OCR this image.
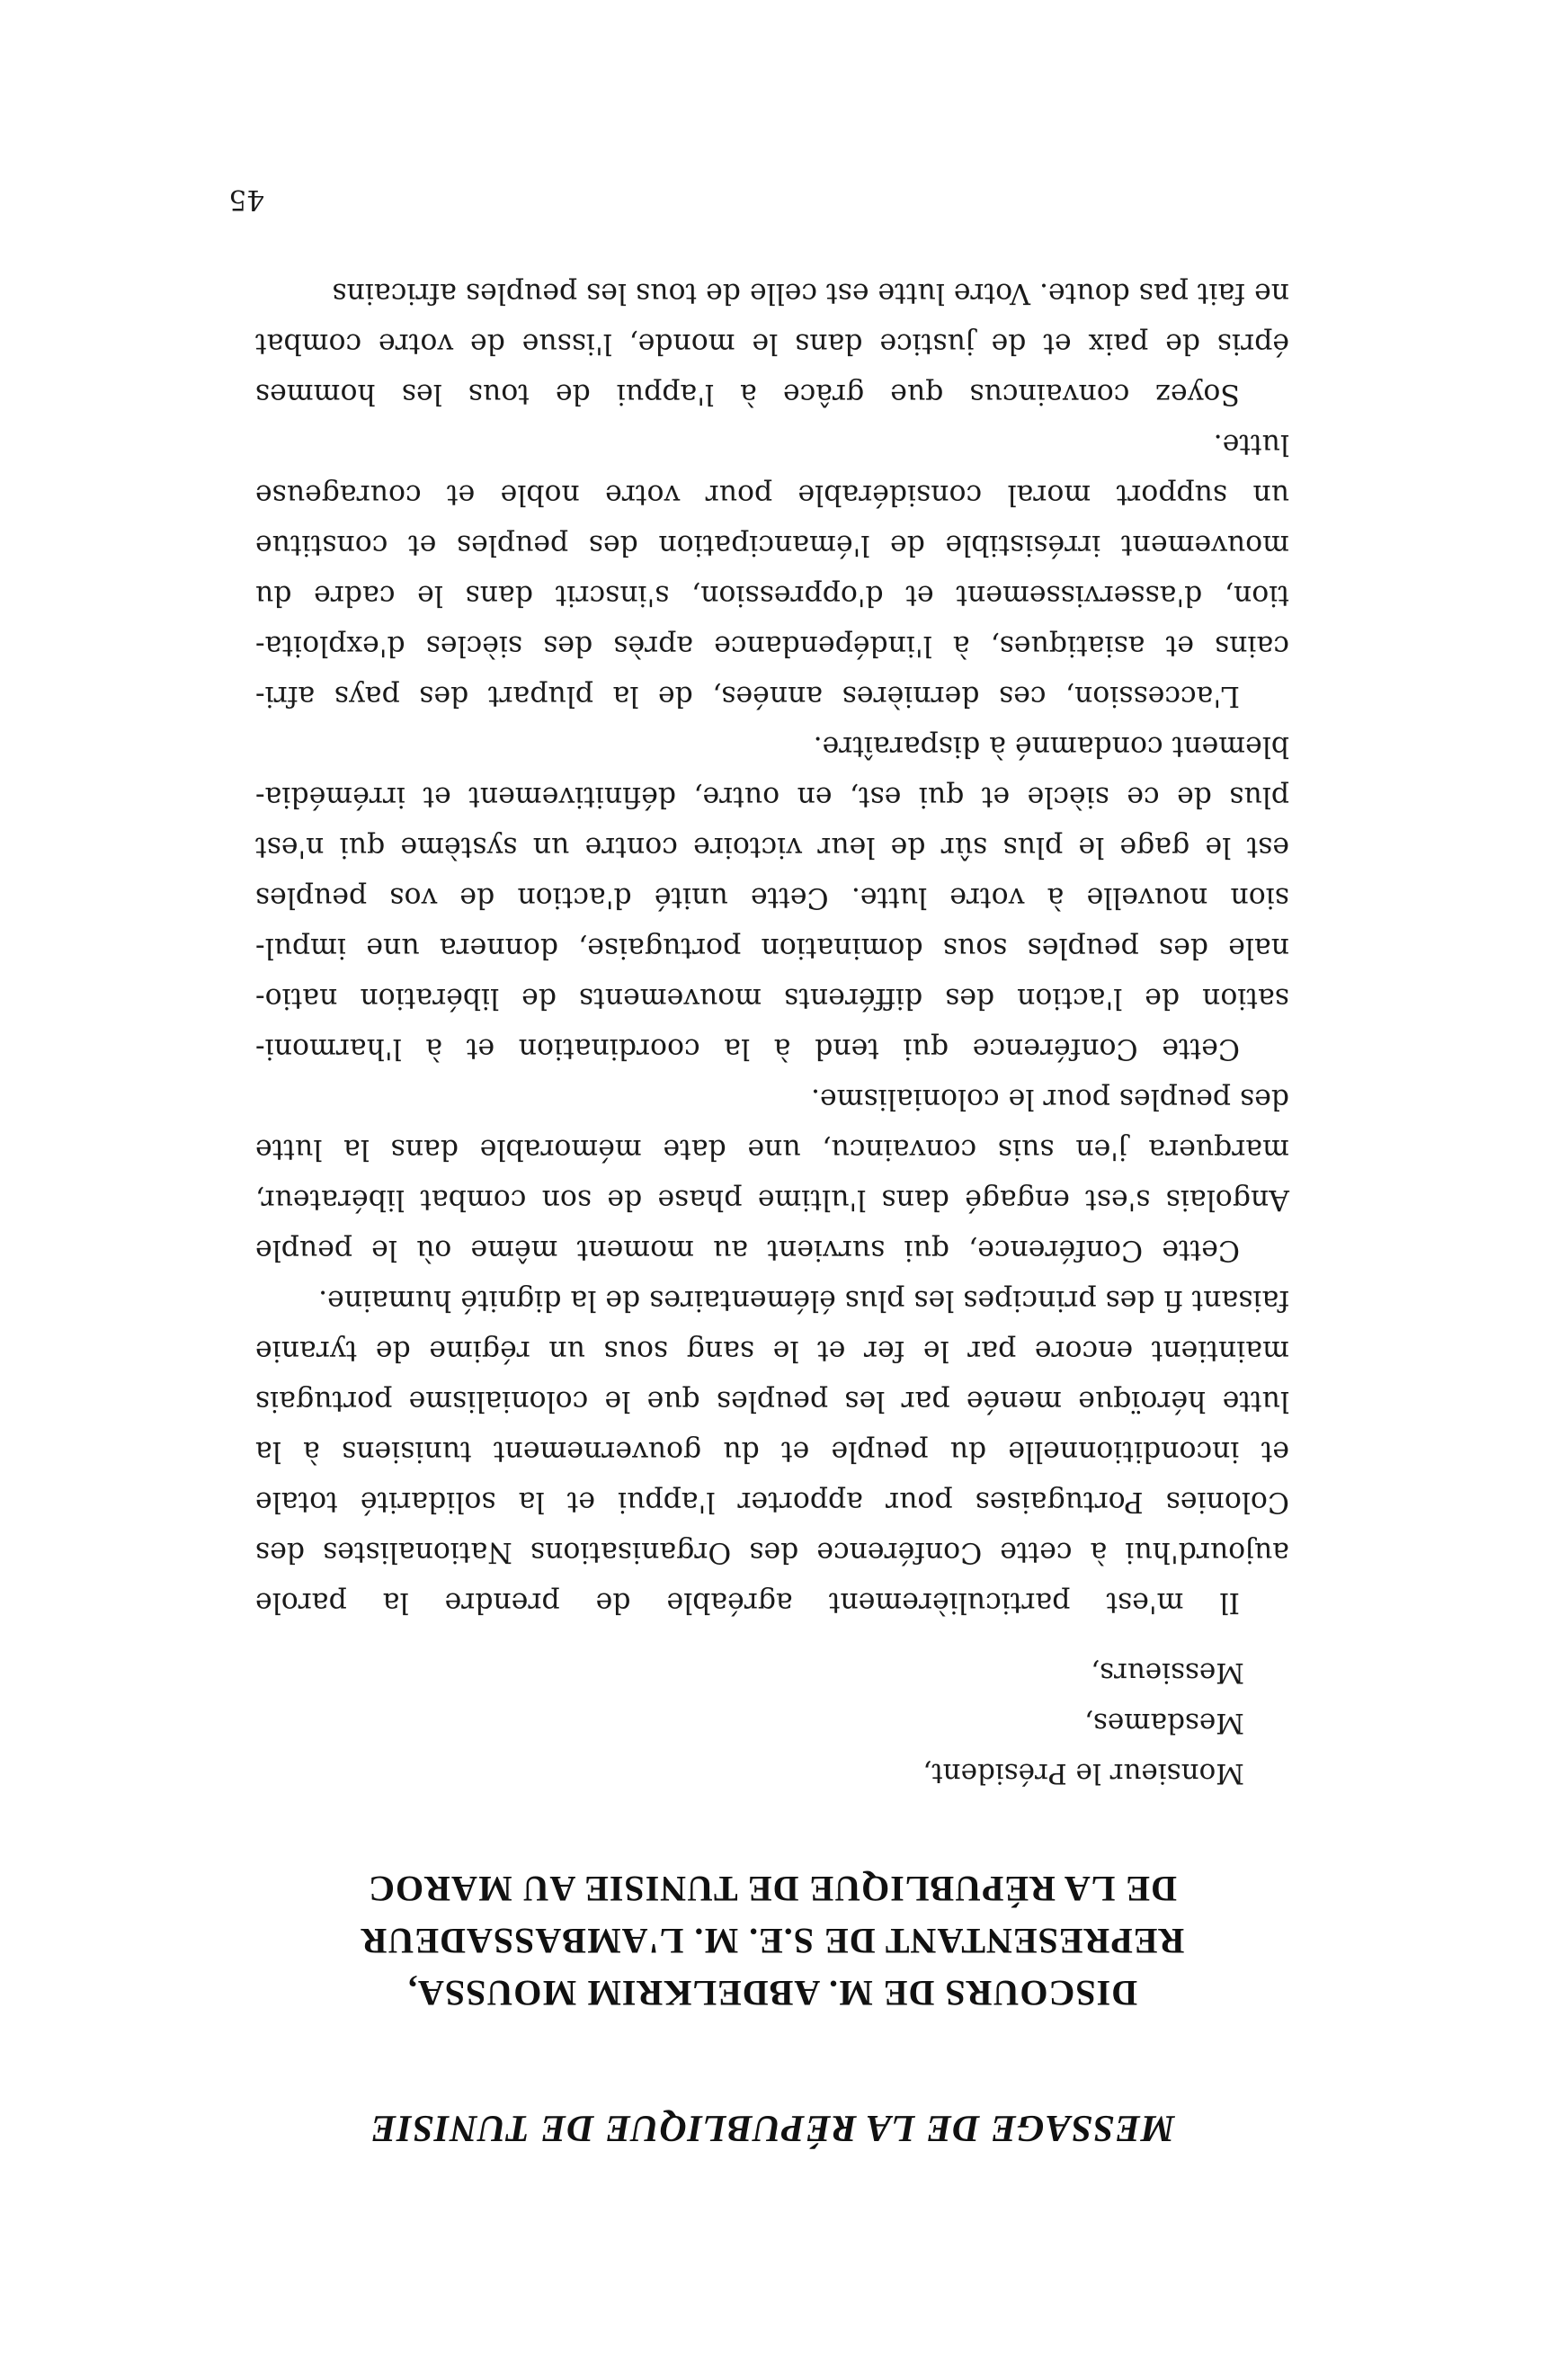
MESSAGE DE LA RÉPUBLIQUE DE TUNISIE
DISCOURS DE M. ABDELKRIM MOUSSA,
REPRESENTANT DE S.E. M. L'AMBASSADEUR
DE LA RÉPUBLIQUE DE TUNISIE AU MAROC
Monsieur le Président,
Mesdames,
Messieurs,
Il m'est particulièrement agréable de prendre la parole
aujourd'hui à cette Conférence des Organisations Nationalistes des
Colonies Portugaises pour apporter l'appui et la solidarité totale
et inconditionnelle du peuple et du gouvernement tunisiens à la
lutte héroïque menée par les peuples que le colonialisme portugais
maintient encore par le fer et le sang sous un régime de tyranie
faisant fi des principes les plus élémentaires de la dignité humaine.
Cette Conférence, qui survient au moment même où le peuple
Angolais s'est engagé dans l'ultime phase de son combat libérateur,
marquera j'en suis convaincu, une date mémorable dans la lutte
des peuples pour le colonialisme.
Cette Conférence qui tend à la coordination et à l'harmoni-
sation de l'action des différents mouvements de libération natio-
nale des peuples sous domination portugaise, donnera une impul-
sion nouvelle à votre lutte. Cette unité d'action de vos peuples
est le gage le plus sûr de leur victoire contre un système qui n'est
plus de ce siècle et qui est, en outre, définitivement et irrémédia-
blement condamné à disparaître.
L'accession, ces dernières années, de la plupart des pays afri-
cains et asiatiques, à l'indépendance après des siècles d'exploita-
tion, d'asservissement et d'oppression, s'inscrit dans le cadre du
mouvement irrésistible de l'émancipation des peuples et constitue
un support moral considérable pour votre noble et courageuse
lutte.
Soyez convaincus que grâce à l'appui de tous les hommes
épris de paix et de justice dans le monde, l'issue de votre combat
ne fait pas doute. Votre lutte est celle de tous les peuples africains
45
